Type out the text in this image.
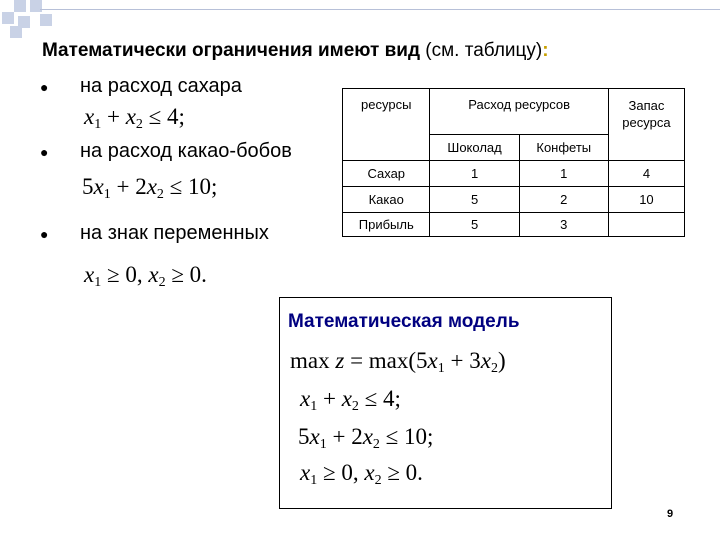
Математически ограничения имеют вид (см. таблицу):
● на расход сахара
$x_1 + x_2 \le 4$;
● на расход какао-бобов
$5x_1 + 2x_2 \le 10$;
● на знак переменных
$x_1 \ge 0$, $x_2 \ge 0$.
ресурсы	Расход ресурсов		Запас ресурса
	Шоколад	Конфеты	
Сахар	1	1	4
Какао	5	2	10
Прибыль	5	3	
Математическая модель
$\max z = \max(5x_1 + 3x_2)$
$x_1 + x_2 \le 4$;
$5x_1 + 2x_2 \le 10$;
$x_1 \ge 0$, $x_2 \ge 0$.
9
